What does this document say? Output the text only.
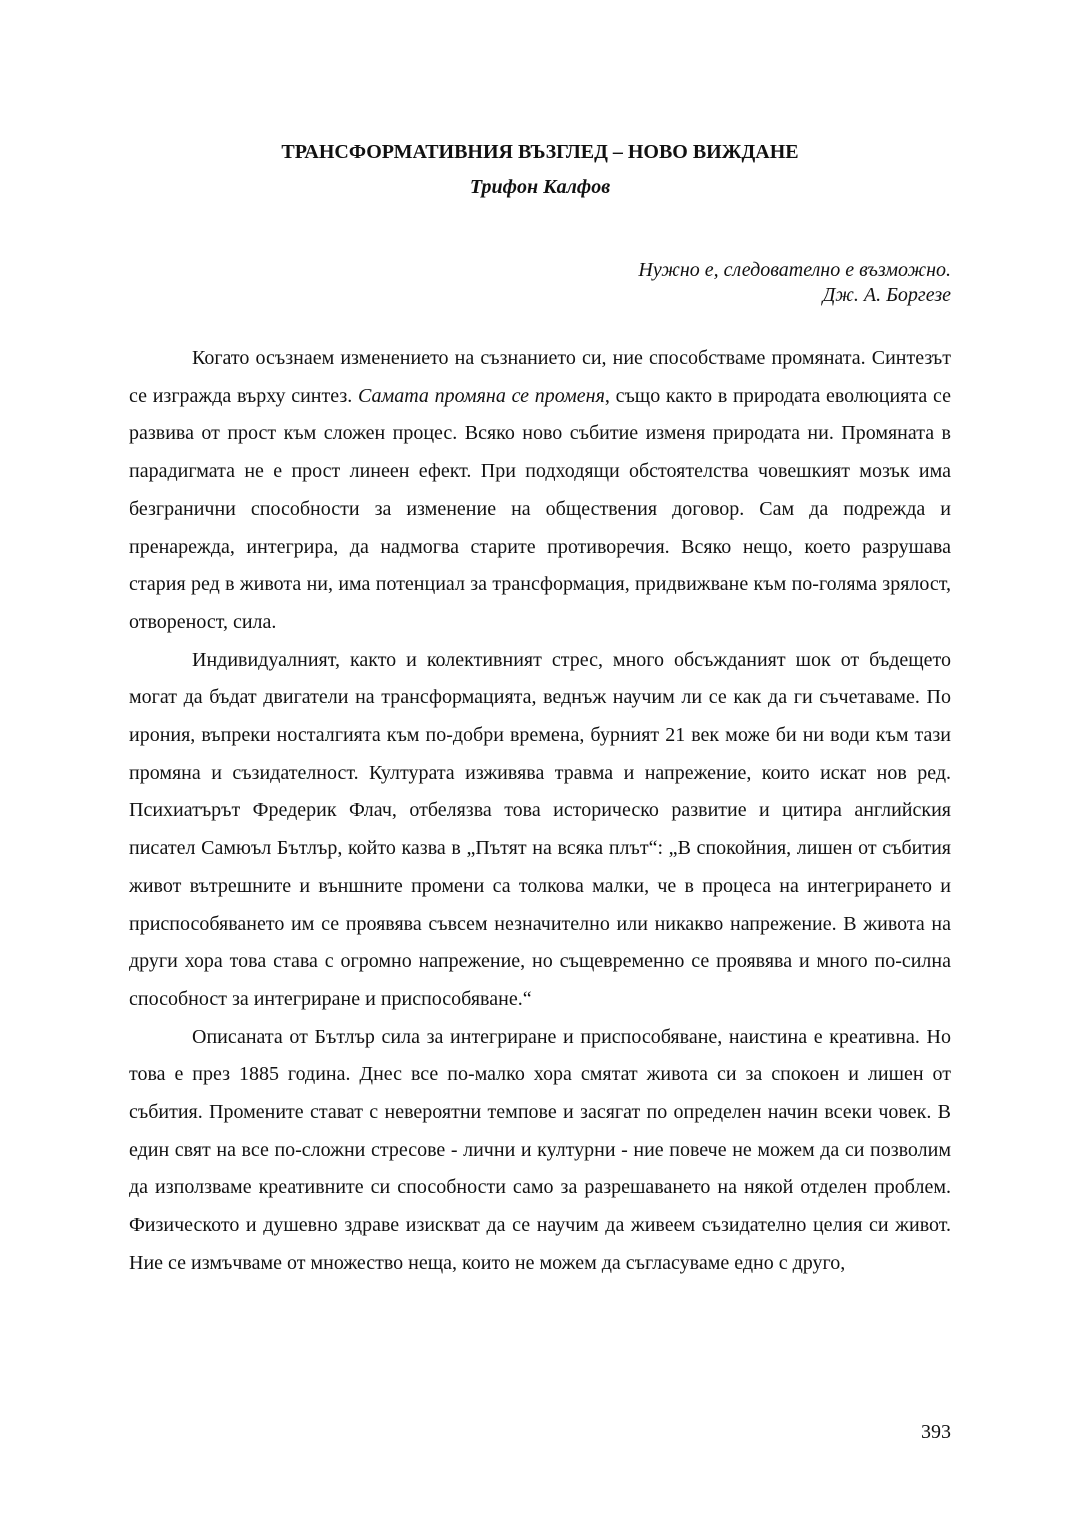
ТРАНСФОРМАТИВНИЯ ВЪЗГЛЕД – НОВО ВИЖДАНЕ
Трифон Калфов
Нужно е, следователно е възможно.
Дж. А. Боргезе

Когато осъзнаем изменението на съзнанието си, ние способстваме промяната. Синтезът се изгражда върху синтез. Самата промяна се променя, също както в природата еволюцията се развива от прост към сложен процес. Всяко ново събитие изменя природата ни. Промяната в парадигмата не е прост линеен ефект. При подходящи обстоятелства човешкият мозък има безгранични способности за изменение на обществения договор. Сам да подрежда и пренарежда, интегрира, да надмогва старите противоречия. Всяко нещо, което разрушава стария ред в живота ни, има потенциал за трансформация, придвижване към по-голяма зрялост, отвореност, сила.

Индивидуалният, както и колективният стрес, много обсъжданият шок от бъдещето могат да бъдат двигатели на трансформацията, веднъж научим ли се как да ги съчетаваме. По ирония, въпреки носталгията към по-добри времена, бурният 21 век може би ни води към тази промяна и съзидателност. Културата изживява травма и напрежение, които искат нов ред. Психиатърът Фредерик Флач, отбелязва това историческо развитие и цитира английския писател Самюъл Бътлър, който казва в „Пътят на всяка плът“: „В спокойния, лишен от събития живот вътрешните и външните промени са толкова малки, че в процеса на интегрирането и приспособяването им се проявява съвсем незначително или никакво напрежение. В живота на други хора това става с огромно напрежение, но същевременно се проявява и много по-силна способност за интегриране и приспособяване.“

Описаната от Бътлър сила за интегриране и приспособяване, наистина е креативна. Но това е през 1885 година. Днес все по-малко хора смятат живота си за спокоен и лишен от събития. Промените стават с невероятни темпове и засягат по определен начин всеки човек. В един свят на все по-сложни стресове - лични и културни - ние повече не можем да си позволим да използваме креативните си способности само за разрешаването на някой отделен проблем. Физическото и душевно здраве изискват да се научим да живеем съзидателно целия си живот. Ние се измъчваме от множество неща, които не можем да съгласуваме едно с друго,

393
